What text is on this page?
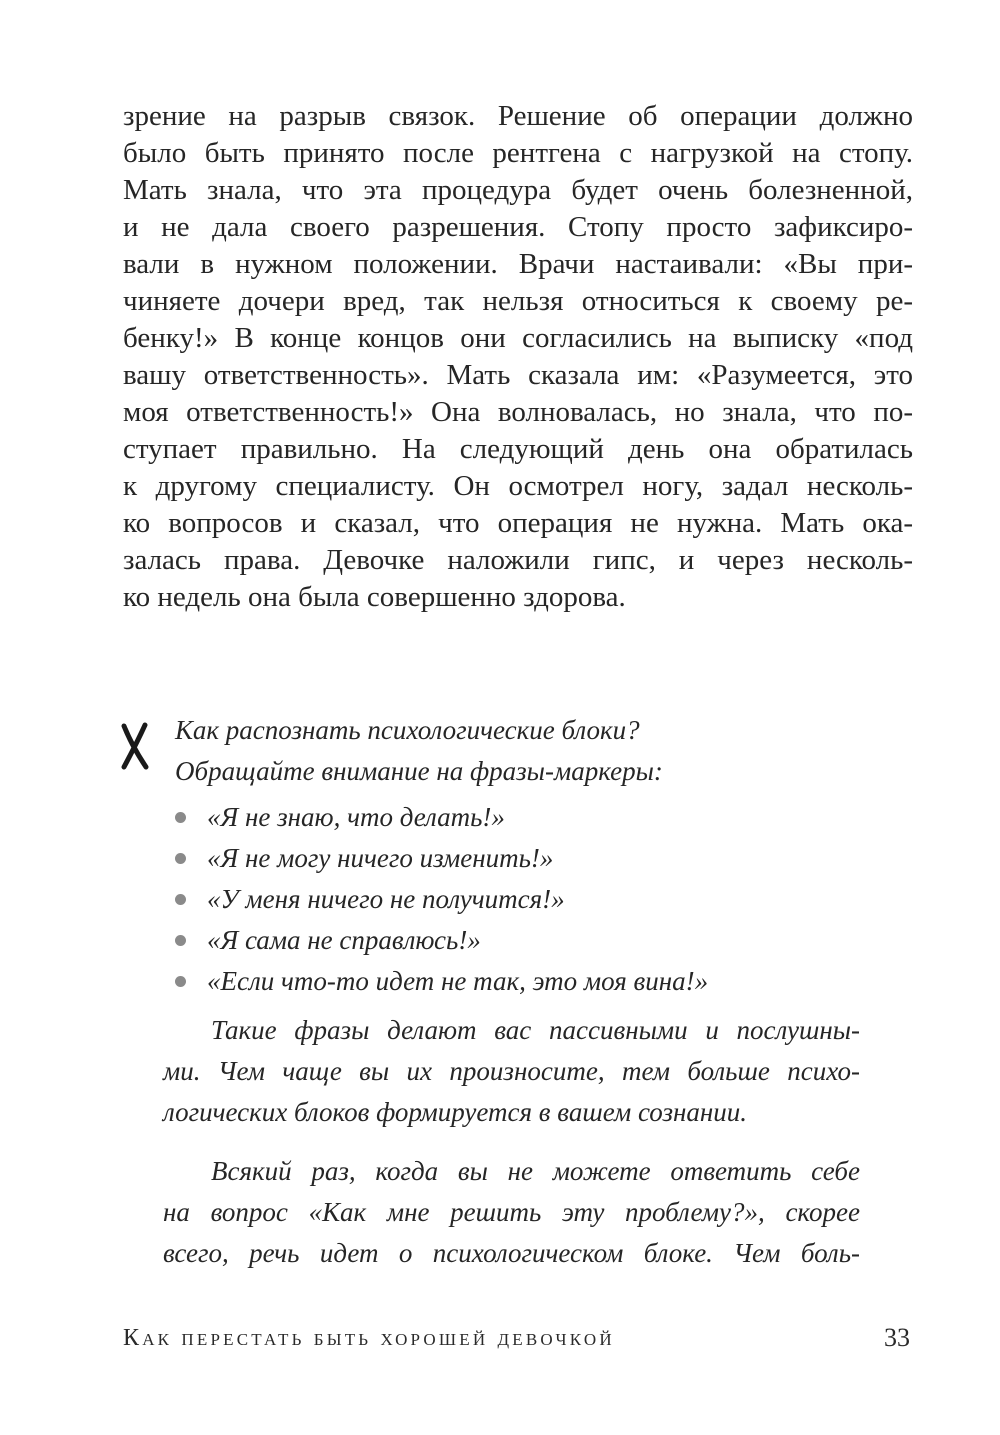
зрение на разрыв связок. Решение об операции должно
было быть принято после рентгена с нагрузкой на стопу.
Мать знала, что эта процедура будет очень болезненной,
и не дала своего разрешения. Стопу просто зафиксиро-
вали в нужном положении. Врачи настаивали: «Вы при-
чиняете дочери вред, так нельзя относиться к своему ре-
бенку!» В конце концов они согласились на выписку «под
вашу ответственность». Мать сказала им: «Разумеется, это
моя ответственность!» Она волновалась, но знала, что по-
ступает правильно. На следующий день она обратилась
к другому специалисту. Он осмотрел ногу, задал несколь-
ко вопросов и сказал, что операция не нужна. Мать ока-
залась права. Девочке наложили гипс, и через несколь-
ко недель она была совершенно здорова.
Как распознать психологические блоки?
Обращайте внимание на фразы-маркеры:
«Я не знаю, что делать!»
«Я не могу ничего изменить!»
«У меня ничего не получится!»
«Я сама не справлюсь!»
«Если что-то идет не так, это моя вина!»
Такие фразы делают вас пассивными и послушны-
ми. Чем чаще вы их произносите, тем больше психо-
логических блоков формируется в вашем сознании.
Всякий раз, когда вы не можете ответить себе
на вопрос «Как мне решить эту проблему?», скорее
всего, речь идет о психологическом блоке. Чем боль-
Как перестать быть хорошей девочкой	33
